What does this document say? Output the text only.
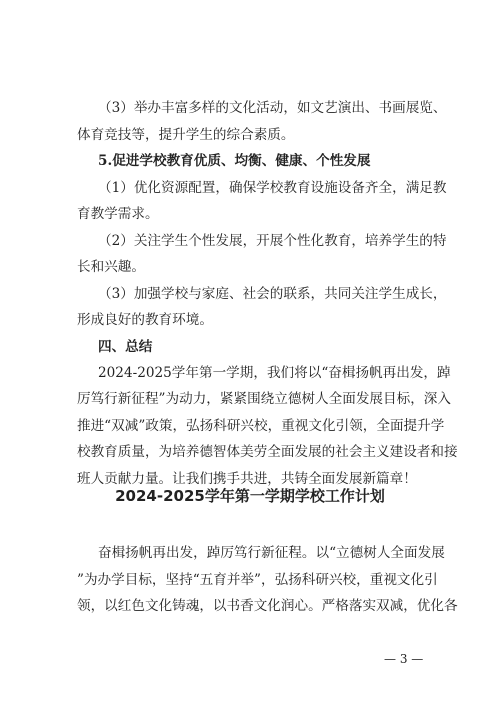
（3）举办丰富多样的文化活动，如文艺演出、书画展览、
体育竞技等，提升学生的综合素质。
5.促进学校教育优质、均衡、健康、个性发展
（1）优化资源配置，确保学校教育设施设备齐全，满足教
育教学需求。
（2）关注学生个性发展，开展个性化教育，培养学生的特
长和兴趣。
（3）加强学校与家庭、社会的联系，共同关注学生成长，
形成良好的教育环境。
四、总结
2024-2025学年第一学期，我们将以“奋楫扬帆再出发，踔
厉笃行新征程”为动力，紧紧围绕立德树人全面发展目标，深入
推进“双减”政策，弘扬科研兴校，重视文化引领，全面提升学
校教育质量，为培养德智体美劳全面发展的社会主义建设者和接
班人贡献力量。让我们携手共进，共铸全面发展新篇章！
2024-2025学年第一学期学校工作计划
奋楫扬帆再出发，踔厉笃行新征程。以“立德树人全面发展
”为办学目标，坚持“五育并举”，弘扬科研兴校，重视文化引
领，以红色文化铸魂，以书香文化润心。严格落实双减，优化各
— 3 —
